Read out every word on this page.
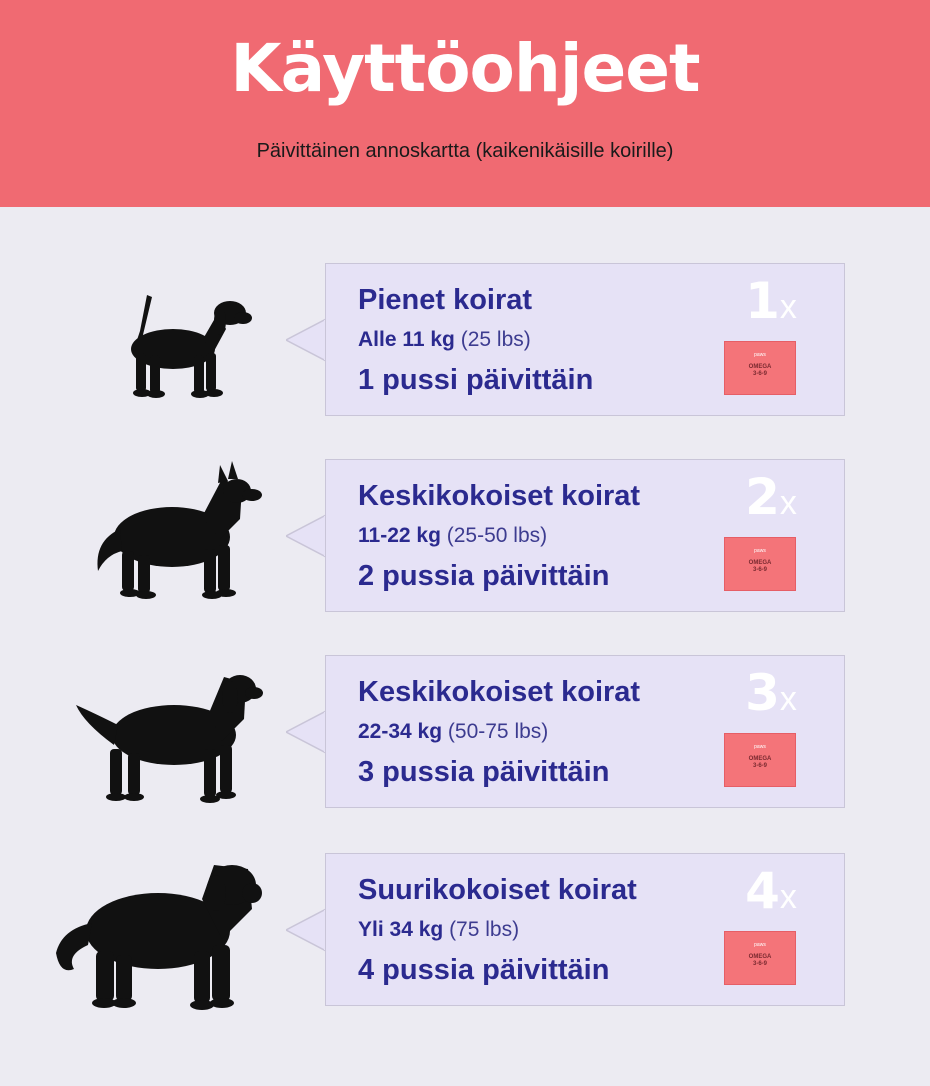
Käyttöohjeet
Päivittäinen annoskartta (kaikenikäisille koirille)
Pienet koirat
Alle 11 kg (25 lbs)
1 pussi päivittäin
1x
paws
OMEGA
3-6-9
Keskikokoiset koirat
11-22 kg (25-50 lbs)
2 pussia päivittäin
2x
paws
OMEGA
3-6-9
Keskikokoiset koirat
22-34 kg (50-75 lbs)
3 pussia päivittäin
3x
paws
OMEGA
3-6-9
Suurikokoiset koirat
Yli 34 kg (75 lbs)
4 pussia päivittäin
4x
paws
OMEGA
3-6-9
